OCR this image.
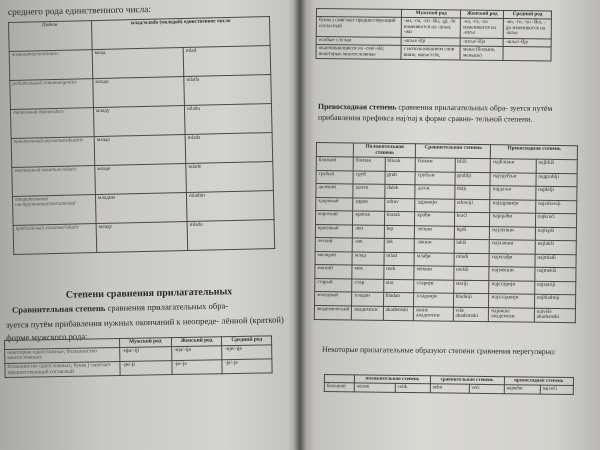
среднего рода единственного числа:
Падеж	млад/млado (молодой) единственное число	
номинатив/nominativ	млад	mlad
родительный генитив/genitiv	млада	mlada
дательный датив/dativ	младу	mladu
винительный акузатив/akuzativ	млада	mlada
звательный вокатив/vokativ	младе	mlade
творительный инструментал/instrumental	младим	mladim
предложный локатив/lokativ	младу	mladu
Степени сравнения прилагательных
Сравнительная степень сравнения прилагательных обра-
зуется путём прибавления нужных окончаний к неопреде- лённой (краткой) форме мужского рода:
		Мужской род	Женский род	Средний род
некоторые односложные; большинство многосложных	-ији/-iji	-ија/-ija	-ије/-ije
большинство односложных; буква ј смягчает предшествующий согласный	-ји/-ji	-ја/-ja	-је/-je
	Мужской род	Женский род	Средний род
буква ј смягчает предшествующий согласный	-ки, -ги, -хи -ški, -gi, -hi изменяются на -шљи, -жи	-ка, -га, -ха изменяются на -шља	-ко, -го, -хо -ško, -go изменяются на -шље
особые случаи	-шљи/-šlji	-шља/-šlja	-шље/-šlje
оканчивающиеся на -ски/-ski; некоторые многосложные	с использованием слов више, мање/više,	мање (больше, меньше)	
Превосходная степень сравнения прилагательных обра- зуется путём прибавления префикса нај/naj к форме сравни- тельной степени.
	Положительная степень		Сравнительная степень		Превосходная степень	
близкий	близак	blizak	ближи	bliži	најближи	najbliži
грубый	груб	grub	грубљи	grublji	најгрубљи	najgrublji
далекий	далек	dalek	даљи	dalji	најдаљи	najdalji
здоровый	здрав	zdrav	здравији	zdraviji	најздравији	najzdraviji
короткий	кратак	kratak	краћи	kraći	најкраћи	najkraći
красивый	леп	lep	лепши	lepši	најлепши	najlepši
легкий	лак	lak	лакши	lakši	најлакши	najlakši
молодой	млад	mlad	млађи	mlađi	најмлађи	najmlađi
мягкий	мек	mek	мекши	mekši	најмекши	najmekši
старый	стар	star	старији	stariji	најстарији	najstariji
холодный	хладан	hladan	хладнији	hladniji	најхладнији	najhladniji
академический	академски	akademski	више академски	više akademski	највише академски	najviše akademski
Некоторые прилагательные образуют степени сравнения нерегулярно:
	положительная степень		сравнительная степень		превосходная степень	
большой	велик	velik	већи	veći	највећи	najveći
